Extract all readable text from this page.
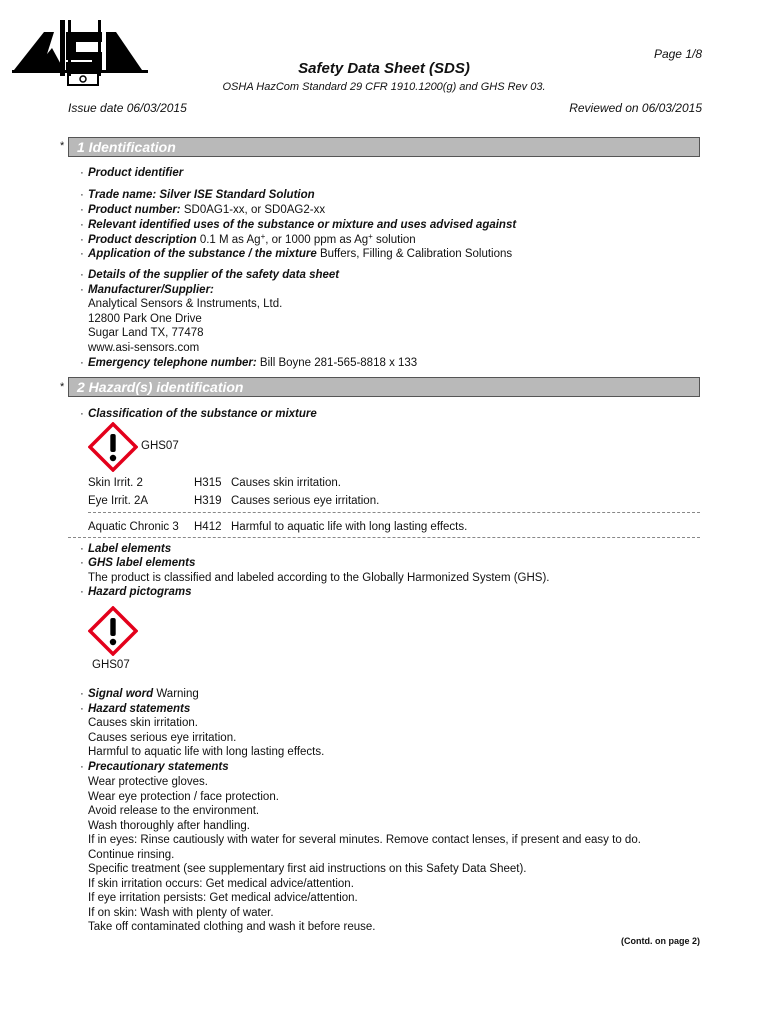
Page 1/8
Safety Data Sheet (SDS)
OSHA HazCom Standard 29 CFR 1910.1200(g) and GHS Rev 03.
Issue date 06/03/2015	Reviewed on 06/03/2015
* 1 Identification
· Product identifier
· Trade name: Silver ISE Standard Solution
· Product number: SD0AG1-xx, or SD0AG2-xx
· Relevant identified uses of the substance or mixture and uses advised against
· Product description 0.1 M as Ag+, or 1000 ppm as Ag+ solution
· Application of the substance / the mixture Buffers, Filling & Calibration Solutions
· Details of the supplier of the safety data sheet
· Manufacturer/Supplier:
Analytical Sensors & Instruments, Ltd.
12800 Park One Drive
Sugar Land TX, 77478
www.asi-sensors.com
· Emergency telephone number: Bill Boyne 281-565-8818 x 133
* 2 Hazard(s) identification
· Classification of the substance or mixture
GHS07
Skin Irrit. 2	H315 Causes skin irritation.
Eye Irrit. 2A	H319 Causes serious eye irritation.
Aquatic Chronic 3 H412 Harmful to aquatic life with long lasting effects.
· Label elements
· GHS label elements
The product is classified and labeled according to the Globally Harmonized System (GHS).
· Hazard pictograms
GHS07
· Signal word Warning
· Hazard statements
Causes skin irritation.
Causes serious eye irritation.
Harmful to aquatic life with long lasting effects.
· Precautionary statements
Wear protective gloves.
Wear eye protection / face protection.
Avoid release to the environment.
Wash thoroughly after handling.
If in eyes: Rinse cautiously with water for several minutes. Remove contact lenses, if present and easy to do.
Continue rinsing.
Specific treatment (see supplementary first aid instructions on this Safety Data Sheet).
If skin irritation occurs: Get medical advice/attention.
If eye irritation persists: Get medical advice/attention.
If on skin: Wash with plenty of water.
Take off contaminated clothing and wash it before reuse.
(Contd. on page 2)
